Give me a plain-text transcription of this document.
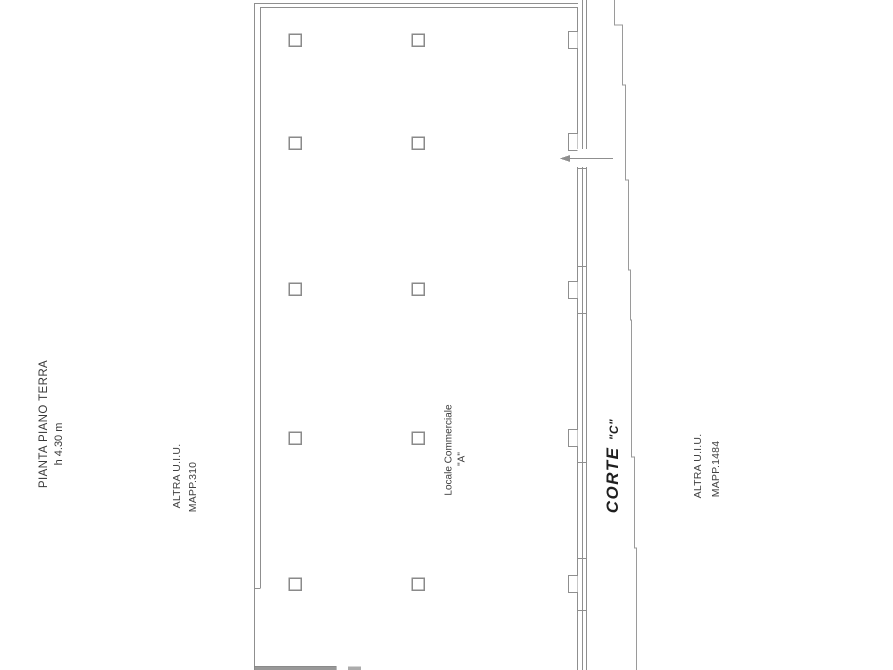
PIANTA PIANO TERRA h 4.30 m	ALTRA U.I.U. MAPP.310	Locale Commerciale "A"	CORTE "C"
ALTRA U.I.U. MAPP.1484
